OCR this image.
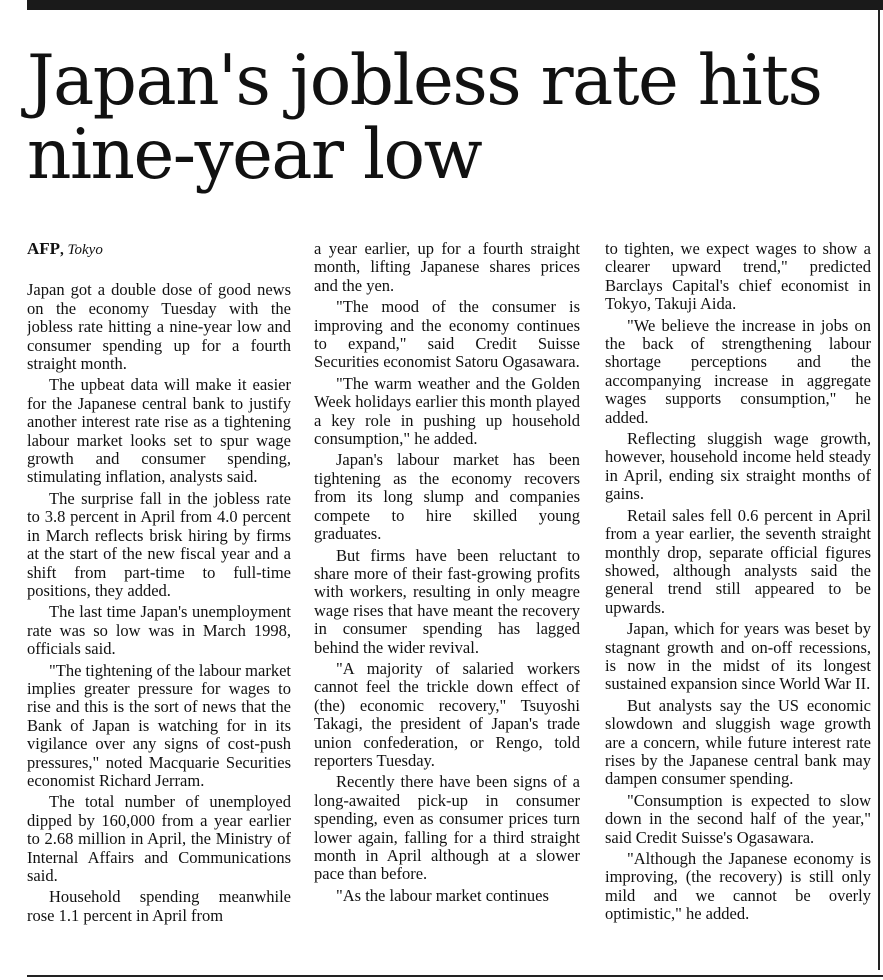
Japan's jobless rate hits nine-year low
AFP, Tokyo

Japan got a double dose of good news on the economy Tuesday with the jobless rate hitting a nine-year low and consumer spending up for a fourth straight month.

The upbeat data will make it easier for the Japanese central bank to justify another interest rate rise as a tightening labour market looks set to spur wage growth and consumer spending, stimulating inflation, analysts said.

The surprise fall in the jobless rate to 3.8 percent in April from 4.0 percent in March reflects brisk hiring by firms at the start of the new fiscal year and a shift from part-time to full-time positions, they added.

The last time Japan's unemployment rate was so low was in March 1998, officials said.

"The tightening of the labour market implies greater pressure for wages to rise and this is the sort of news that the Bank of Japan is watching for in its vigilance over any signs of cost-push pressures," noted Macquarie Securities economist Richard Jerram.

The total number of unemployed dipped by 160,000 from a year earlier to 2.68 million in April, the Ministry of Internal Affairs and Communications said.

Household spending meanwhile rose 1.1 percent in April from

a year earlier, up for a fourth straight month, lifting Japanese shares prices and the yen.

"The mood of the consumer is improving and the economy continues to expand," said Credit Suisse Securities economist Satoru Ogasawara.

"The warm weather and the Golden Week holidays earlier this month played a key role in pushing up household consumption," he added.

Japan's labour market has been tightening as the economy recovers from its long slump and companies compete to hire skilled young graduates.

But firms have been reluctant to share more of their fast-growing profits with workers, resulting in only meagre wage rises that have meant the recovery in consumer spending has lagged behind the wider revival.

"A majority of salaried workers cannot feel the trickle down effect of (the) economic recovery," Tsuyoshi Takagi, the president of Japan's trade union confederation, or Rengo, told reporters Tuesday.

Recently there have been signs of a long-awaited pick-up in consumer spending, even as consumer prices turn lower again, falling for a third straight month in April although at a slower pace than before.

"As the labour market continues

to tighten, we expect wages to show a clearer upward trend," predicted Barclays Capital's chief economist in Tokyo, Takuji Aida.

"We believe the increase in jobs on the back of strengthening labour shortage perceptions and the accompanying increase in aggregate wages supports consumption," he added.

Reflecting sluggish wage growth, however, household income held steady in April, ending six straight months of gains.

Retail sales fell 0.6 percent in April from a year earlier, the seventh straight monthly drop, separate official figures showed, although analysts said the general trend still appeared to be upwards.

Japan, which for years was beset by stagnant growth and on-off recessions, is now in the midst of its longest sustained expansion since World War II.

But analysts say the US economic slowdown and sluggish wage growth are a concern, while future interest rate rises by the Japanese central bank may dampen consumer spending.

"Consumption is expected to slow down in the second half of the year," said Credit Suisse's Ogasawara.

"Although the Japanese economy is improving, (the recovery) is still only mild and we cannot be overly optimistic," he added.
